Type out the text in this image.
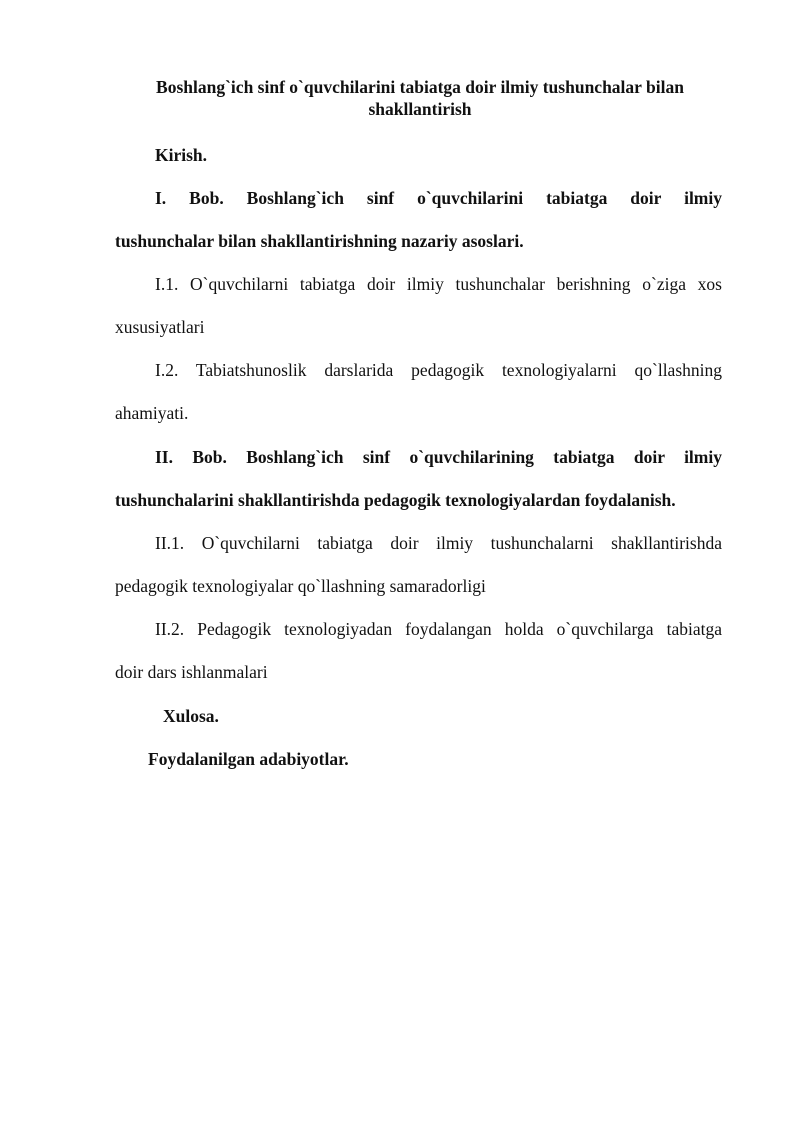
Boshlang`ich sinf o`quvchilarini tabiatga doir ilmiy tushunchalar bilan shakllantirish
Kirish.
I. Bob. Boshlang`ich sinf o`quvchilarini tabiatga doir ilmiy
tushunchalar bilan shakllantirishning nazariy asoslari.
I.1. O`quvchilarni tabiatga doir ilmiy tushunchalar berishning o`ziga xos
xususiyatlari
I.2. Tabiatshunoslik darslarida pedagogik texnologiyalarni qo`llashning
ahamiyati.
II. Bob. Boshlang`ich sinf o`quvchilarining tabiatga doir ilmiy
tushunchalarini shakllantirishda pedagogik texnologiyalardan foydalanish.
II.1. O`quvchilarni tabiatga doir ilmiy tushunchalarni shakllantirishda
pedagogik texnologiyalar qo`llashning samaradorligi
II.2. Pedagogik texnologiyadan foydalangan holda o`quvchilarga tabiatga
doir dars ishlanmalari
Xulosa.
Foydalanilgan adabiyotlar.
